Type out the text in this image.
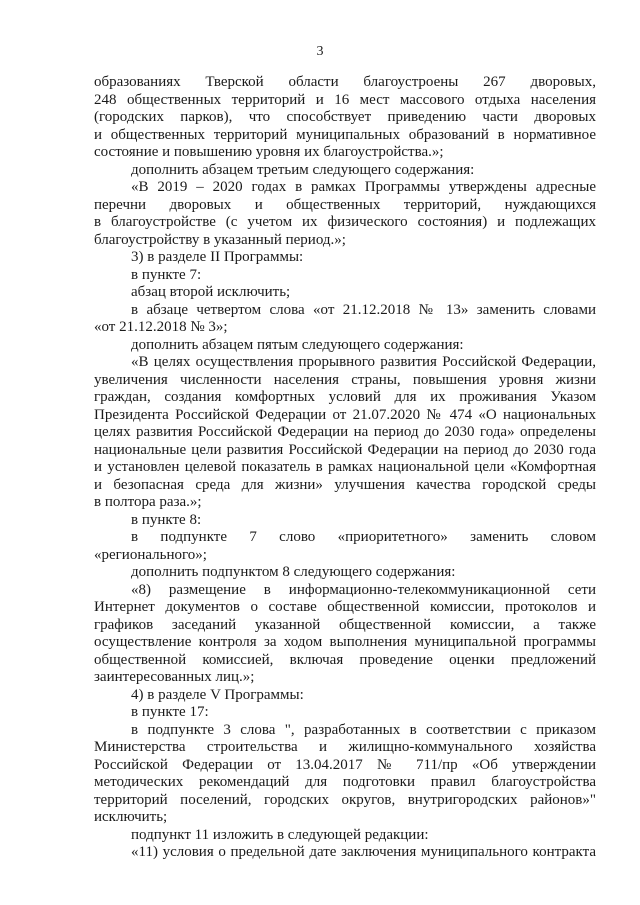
3
образованиях Тверской области благоустроены 267 дворовых,
248 общественных территорий и 16 мест массового отдыха населения
(городских парков), что способствует приведению части дворовых
и общественных территорий муниципальных образований в нормативное
состояние и повышению уровня их благоустройства.»;
дополнить абзацем третьим следующего содержания:
«В 2019 – 2020 годах в рамках Программы утверждены адресные
перечни дворовых и общественных территорий, нуждающихся
в благоустройстве (с учетом их физического состояния) и подлежащих
благоустройству в указанный период.»;
3) в разделе II Программы:
в пункте 7:
абзац второй исключить;
в абзаце четвертом слова «от 21.12.2018 № 13» заменить словами
«от 21.12.2018 № 3»;
дополнить абзацем пятым следующего содержания:
«В целях осуществления прорывного развития Российской Федерации,
увеличения численности населения страны, повышения уровня жизни
граждан, создания комфортных условий для их проживания Указом
Президента Российской Федерации от 21.07.2020 № 474 «О национальных
целях развития Российской Федерации на период до 2030 года» определены
национальные цели развития Российской Федерации на период до 2030 года
и установлен целевой показатель в рамках национальной цели «Комфортная
и безопасная среда для жизни» улучшения качества городской среды
в полтора раза.»;
в пункте 8:
в подпункте 7 слово «приоритетного» заменить словом
«регионального»;
дополнить подпунктом 8 следующего содержания:
«8) размещение в информационно-телекоммуникационной сети
Интернет документов о составе общественной комиссии, протоколов и
графиков заседаний указанной общественной комиссии, а также
осуществление контроля за ходом выполнения муниципальной программы
общественной комиссией, включая проведение оценки предложений
заинтересованных лиц.»;
4) в разделе V Программы:
в пункте 17:
в подпункте 3 слова ", разработанных в соответствии с приказом
Министерства строительства и жилищно-коммунального хозяйства
Российской Федерации от 13.04.2017 № 711/пр «Об утверждении
методических рекомендаций для подготовки правил благоустройства
территорий поселений, городских округов, внутригородских районов»"
исключить;
подпункт 11 изложить в следующей редакции:
«11) условия о предельной дате заключения муниципального контракта
